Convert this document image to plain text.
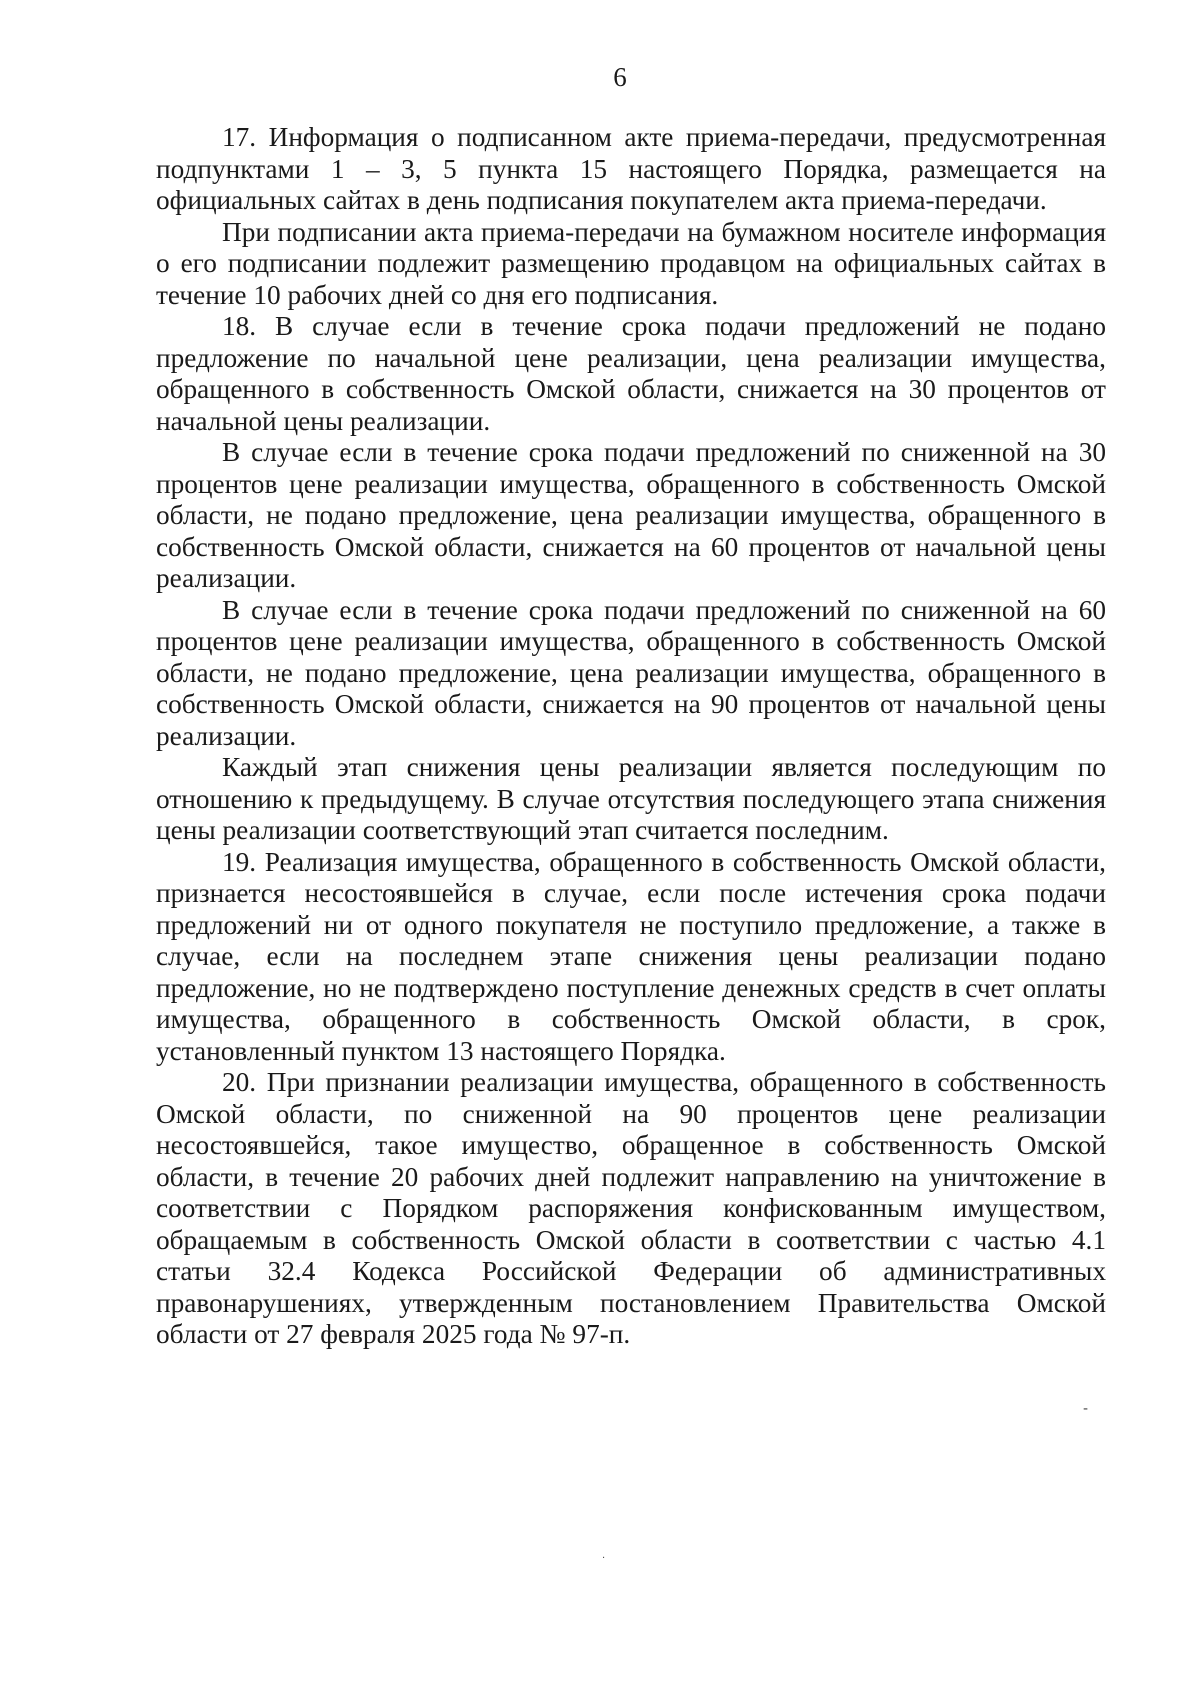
6

17. Информация о подписанном акте приема-передачи, предусмотренная подпунктами 1 – 3, 5 пункта 15 настоящего Порядка, размещается на официальных сайтах в день подписания покупателем акта приема-передачи.

При подписании акта приема-передачи на бумажном носителе информация о его подписании подлежит размещению продавцом на официальных сайтах в течение 10 рабочих дней со дня его подписания.

18. В случае если в течение срока подачи предложений не подано предложение по начальной цене реализации, цена реализации имущества, обращенного в собственность Омской области, снижается на 30 процентов от начальной цены реализации.

В случае если в течение срока подачи предложений по сниженной на 30 процентов цене реализации имущества, обращенного в собственность Омской области, не подано предложение, цена реализации имущества, обращенного в собственность Омской области, снижается на 60 процентов от начальной цены реализации.

В случае если в течение срока подачи предложений по сниженной на 60 процентов цене реализации имущества, обращенного в собственность Омской области, не подано предложение, цена реализации имущества, обращенного в собственность Омской области, снижается на 90 процентов от начальной цены реализации.

Каждый этап снижения цены реализации является последующим по отношению к предыдущему. В случае отсутствия последующего этапа снижения цены реализации соответствующий этап считается последним.

19. Реализация имущества, обращенного в собственность Омской области, признается несостоявшейся в случае, если после истечения срока подачи предложений ни от одного покупателя не поступило предложение, а также в случае, если на последнем этапе снижения цены реализации подано предложение, но не подтверждено поступление денежных средств в счет оплаты имущества, обращенного в собственность Омской области, в срок, установленный пунктом 13 настоящего Порядка.

20. При признании реализации имущества, обращенного в собственность Омской области, по сниженной на 90 процентов цене реализации несостоявшейся, такое имущество, обращенное в собственность Омской области, в течение 20 рабочих дней подлежит направлению на уничтожение в соответствии с Порядком распоряжения конфискованным имуществом, обращаемым в собственность Омской области в соответствии с частью 4.1 статьи 32.4 Кодекса Российской Федерации об административных правонарушениях, утвержденным постановлением Правительства Омской области от 27 февраля 2025 года № 97-п.

-
·
